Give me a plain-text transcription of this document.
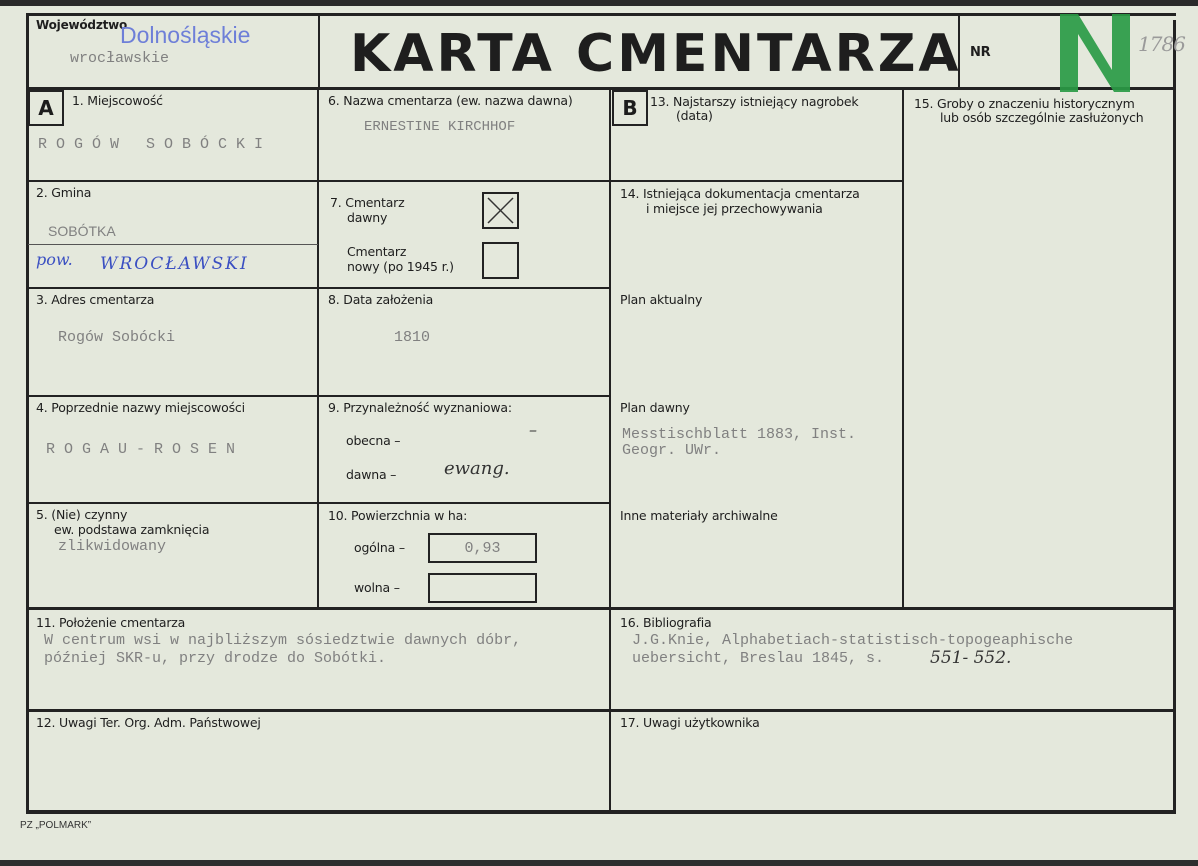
Województwo
Dolnośląskie
wrocławskie	KARTA CMENTARZA NR	1786
A	1. Miejscowość
R O G Ó W   S O B Ó C K I
2. Gmina
SOBÓTKA
pow. WROCŁAWSKI
3. Adres cmentarza
Rogów Sobócki
4. Poprzednie nazwy miejscowości
R O G A U - R O S E N
5. (Nie) czynny
ew. podstawa zamknięcia
zlikwidowany
6. Nazwa cmentarza (ew. nazwa dawna)
ERNESTINE KIRCHHOF
7. Cmentarz
dawny
Cmentarz
nowy (po 1945 r.)
8. Data założenia
1810
9. Przynależność wyznaniowa:
obecna –
–
dawna –	ewang.
10. Powierzchnia w ha:
ogólna –	0,93
wolna –
B 13. Najstarszy istniejący nagrobek
(data)
14. Istniejąca dokumentacja cmentarza
i miejsce jej przechowywania
Plan aktualny
Plan dawny
Messtischblatt 1883, Inst.
Geogr. UWr.
Inne materiały archiwalne
15. Groby o znaczeniu historycznym
lub osób szczególnie zasłużonych
11. Położenie cmentarza
W centrum wsi w najbliższym sósiedztwie dawnych dóbr,
później SKR-u, przy drodze do Sobótki.
16. Bibliografia
J.G.Knie, Alphabetiach-statistisch-topogeaphische
uebersicht, Breslau 1845, s.	551- 552.
12. Uwagi Ter. Org. Adm. Państwowej	17. Uwagi użytkownika
PZ „POLMARK”
